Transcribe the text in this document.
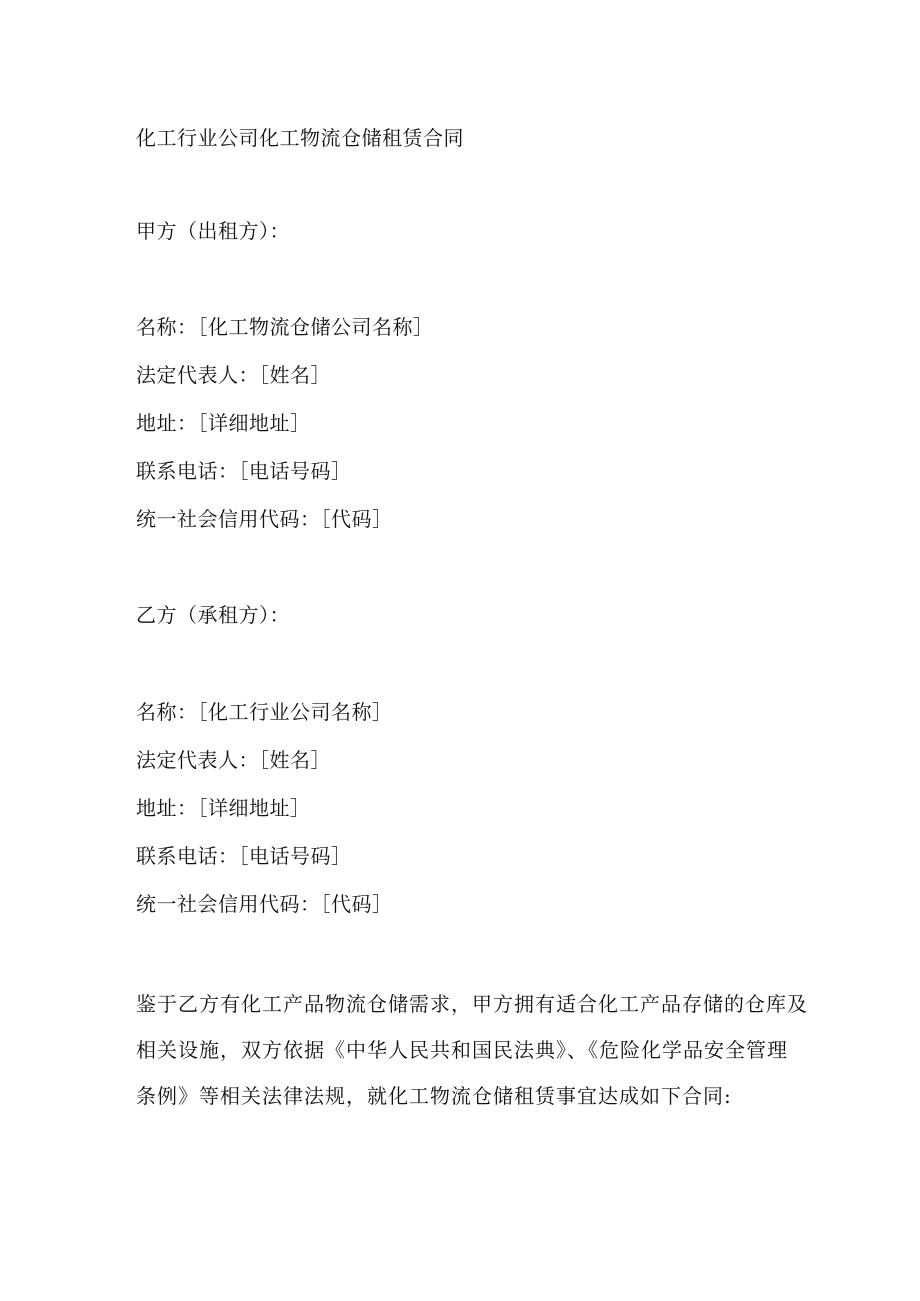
化工行业公司化工物流仓储租赁合同
甲方（出租方）：
名称：［化工物流仓储公司名称］
法定代表人：［姓名］
地址：［详细地址］
联系电话：［电话号码］
统一社会信用代码：［代码］
乙方（承租方）：
名称：［化工行业公司名称］
法定代表人：［姓名］
地址：［详细地址］
联系电话：［电话号码］
统一社会信用代码：［代码］
鉴于乙方有化工产品物流仓储需求，甲方拥有适合化工产品存储的仓库及
相关设施，双方依据《中华人民共和国民法典》、《危险化学品安全管理
条例》等相关法律法规，就化工物流仓储租赁事宜达成如下合同:
